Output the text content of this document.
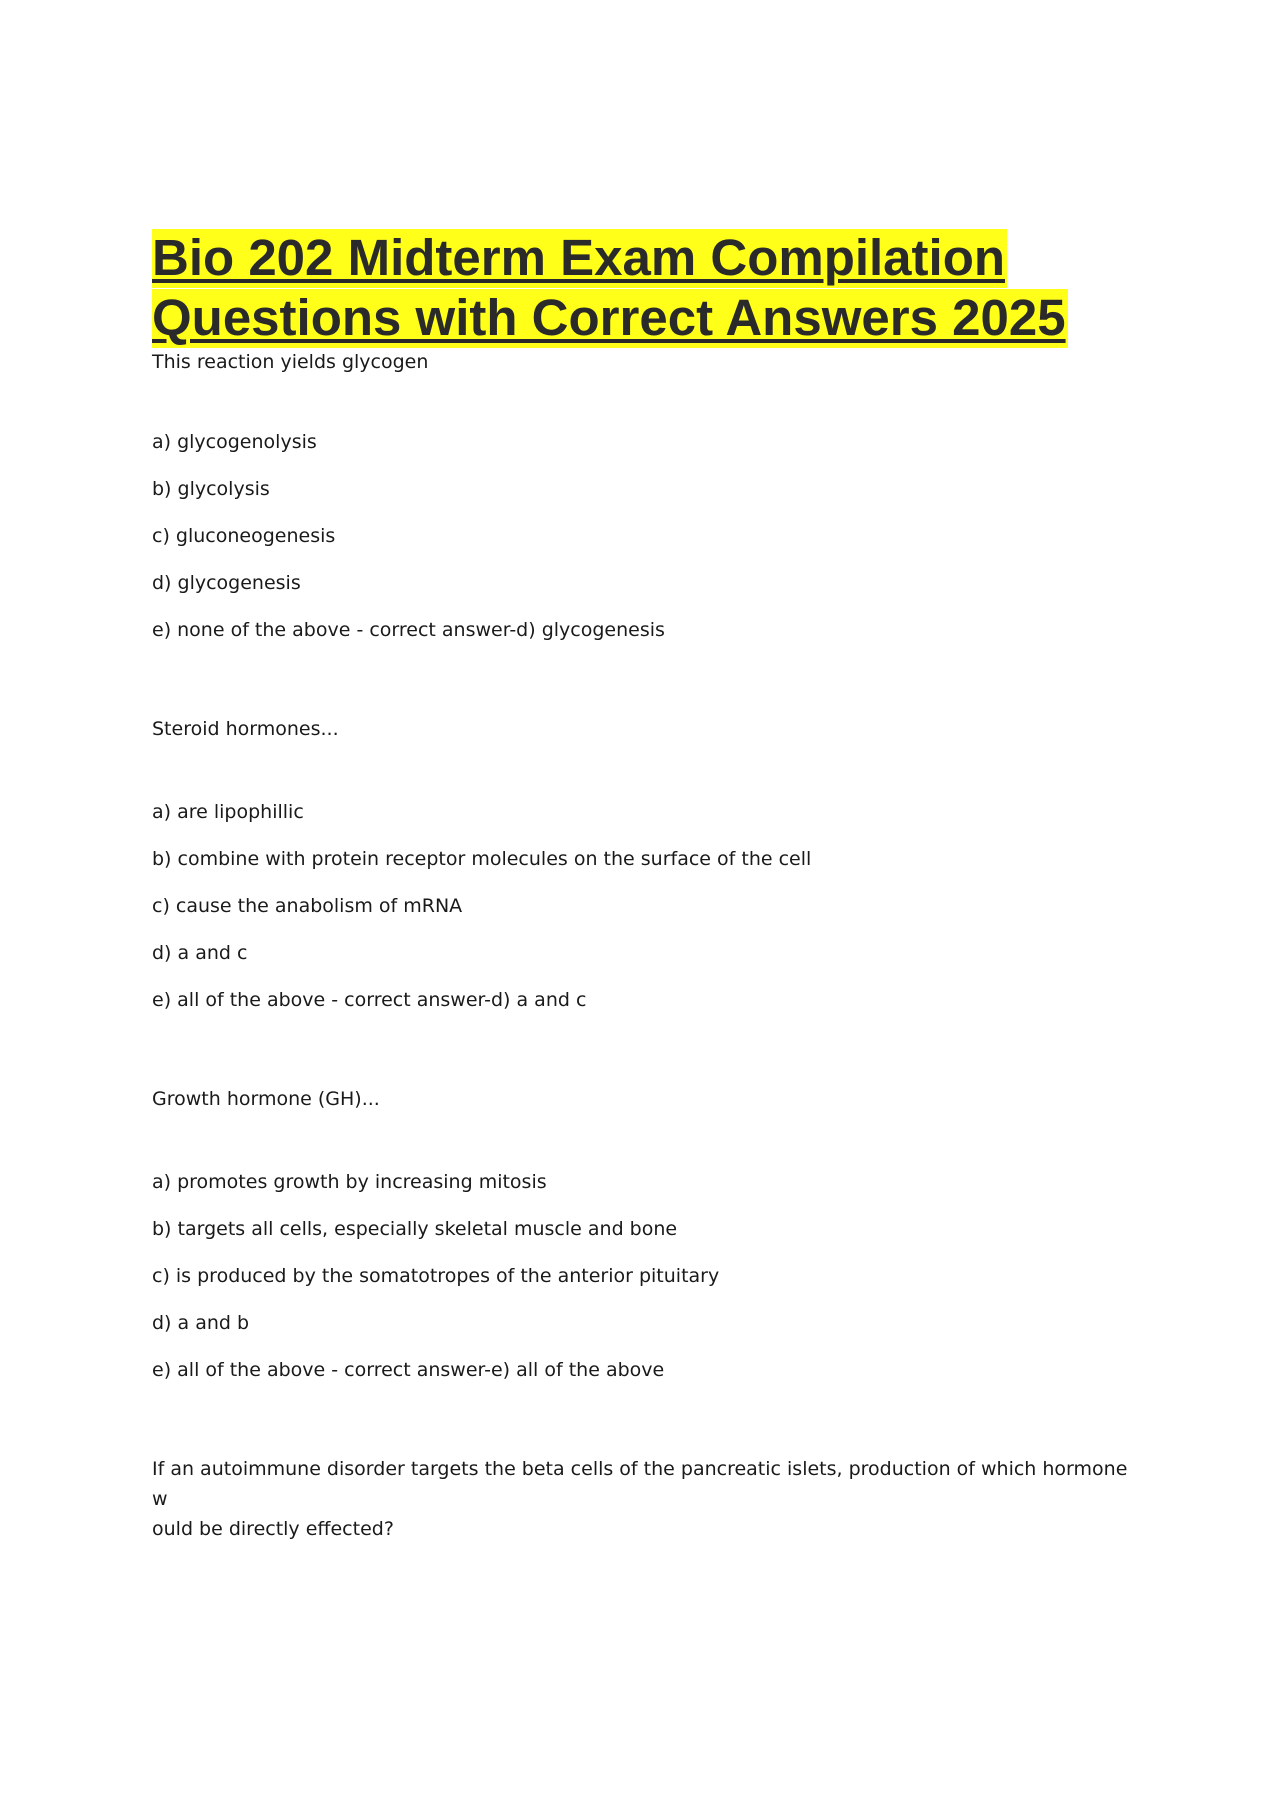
Bio 202 Midterm Exam Compilation
Questions with Correct Answers 2025

This reaction yields glycogen

a) glycogenolysis

b) glycolysis

c) gluconeogenesis

d) glycogenesis

e) none of the above - correct answer-d) glycogenesis

Steroid hormones...

a) are lipophillic

b) combine with protein receptor molecules on the surface of the cell

c) cause the anabolism of mRNA

d) a and c

e) all of the above - correct answer-d) a and c

Growth hormone (GH)...

a) promotes growth by increasing mitosis

b) targets all cells, especially skeletal muscle and bone

c) is produced by the somatotropes of the anterior pituitary

d) a and b

e) all of the above - correct answer-e) all of the above

If an autoimmune disorder targets the beta cells of the pancreatic islets, production of which hormone w

ould be directly effected?
